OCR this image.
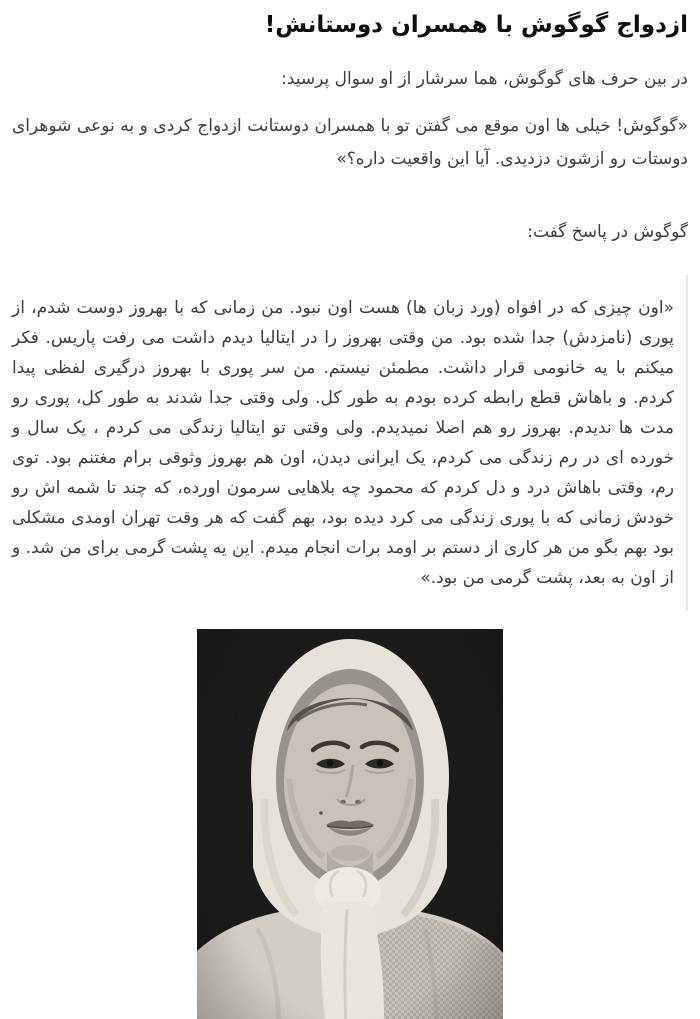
ازدواج گوگوش با همسران دوستانش!

در بین حرف های گوگوش، هما سرشار از او سوال پرسید:

«گوگوش! خیلی ها اون موقع می گفتن تو با همسران دوستانت ازدواج کردی و به نوعی شوهرای دوستات رو ازشون دزدیدی. آیا این واقعیت داره؟»

گوگوش در پاسخ گفت:

«اون چیزی که در افواه (ورد زبان ها) هست اون نبود. من زمانی که با بهروز دوست شدم، از پوری (نامزدش) جدا شده بود. من وقتی بهروز را در ایتالیا دیدم داشت می رفت پاریس. فکر میکنم با یه خانومی قرار داشت. مطمئن نیستم. من سر پوری با بهروز درگیری لفظی پیدا کردم. و باهاش قطع رابطه کرده بودم به طور کل. ولی وقتی جدا شدند به طور کل، پوری رو مدت ها ندیدم. بهروز رو هم اصلا نمیدیدم. ولی وقتی تو ایتالیا زندگی می کردم ، یک سال و خورده ای در رم زندگی می کردم، یک ایرانی دیدن، اون هم بهروز وثوقی برام مغتنم بود. توی رم، وقتی باهاش درد و دل کردم که محمود چه بلاهایی سرمون اورده، که چند تا شمه اش رو خودش زمانی که با پوری زندگی می کرد دیده بود، بهم گفت که هر وقت تهران اومدی مشکلی بود بهم بگو من هر کاری از دستم بر اومد برات انجام میدم. این یه پشت گرمی برای من شد. و از اون به بعد، پشت گرمی من بود.»
